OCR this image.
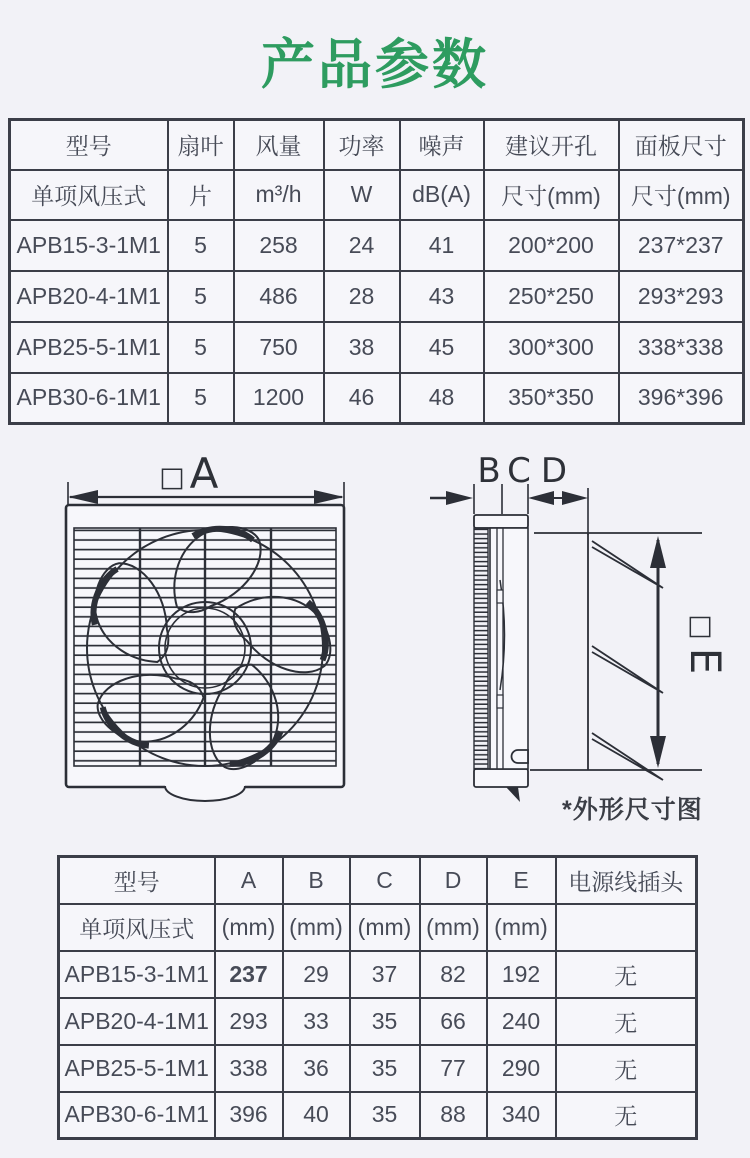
产品参数
型号	扇叶	风量	功率	噪声	建议开孔	面板尺寸
单项风压式	片	m³/h	W	dB(A)	尺寸(mm)	尺寸(mm)
APB15-3-1M1	5	258	24	41	200*200	237*237
APB20-4-1M1	5	486	28	43	250*250	293*293
APB25-5-1M1	5	750	38	45	300*300	338*338
APB30-6-1M1	5	1200	46	48	350*350	396*396
□ A	B C D
□
E
*外形尺寸图
型号	A	B	C	D	E	电源线插头
单项风压式	(mm)	(mm)	(mm)	(mm)	(mm)	
APB15-3-1M1	237	29	37	82	192	无
APB20-4-1M1	293	33	35	66	240	无
APB25-5-1M1	338	36	35	77	290	无
APB30-6-1M1	396	40	35	88	340	无
